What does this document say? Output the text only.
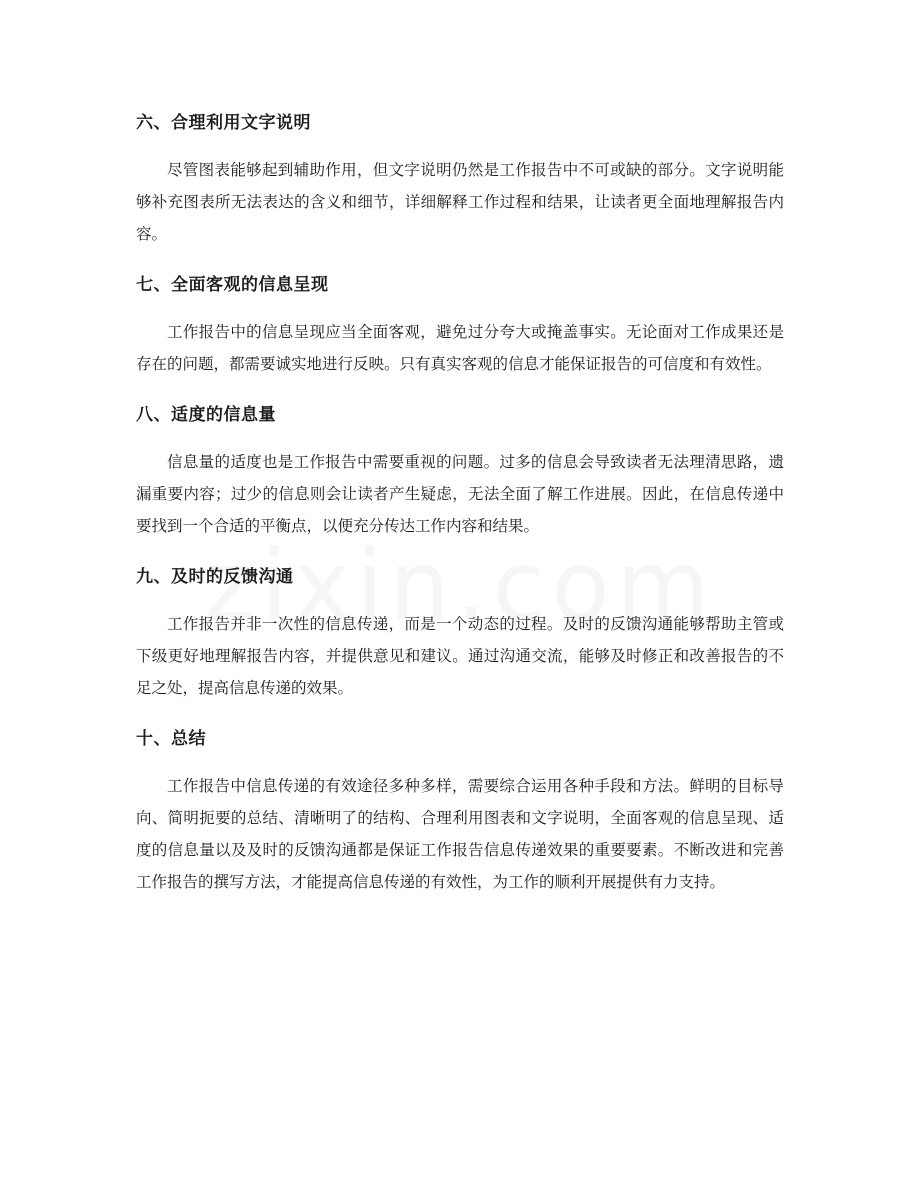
六、合理利用文字说明

尽管图表能够起到辅助作用，但文字说明仍然是工作报告中不可或缺的部分。文字说明能够补充图表所无法表达的含义和细节，详细解释工作过程和结果，让读者更全面地理解报告内容。

七、全面客观的信息呈现

工作报告中的信息呈现应当全面客观，避免过分夸大或掩盖事实。无论面对工作成果还是存在的问题，都需要诚实地进行反映。只有真实客观的信息才能保证报告的可信度和有效性。

八、适度的信息量

信息量的适度也是工作报告中需要重视的问题。过多的信息会导致读者无法理清思路，遗漏重要内容；过少的信息则会让读者产生疑虑，无法全面了解工作进展。因此，在信息传递中要找到一个合适的平衡点，以便充分传达工作内容和结果。

九、及时的反馈沟通

工作报告并非一次性的信息传递，而是一个动态的过程。及时的反馈沟通能够帮助主管或下级更好地理解报告内容，并提供意见和建议。通过沟通交流，能够及时修正和改善报告的不足之处，提高信息传递的效果。

十、总结

工作报告中信息传递的有效途径多种多样，需要综合运用各种手段和方法。鲜明的目标导向、简明扼要的总结、清晰明了的结构、合理利用图表和文字说明，全面客观的信息呈现、适度的信息量以及及时的反馈沟通都是保证工作报告信息传递效果的重要要素。不断改进和完善工作报告的撰写方法，才能提高信息传递的有效性，为工作的顺利开展提供有力支持。
